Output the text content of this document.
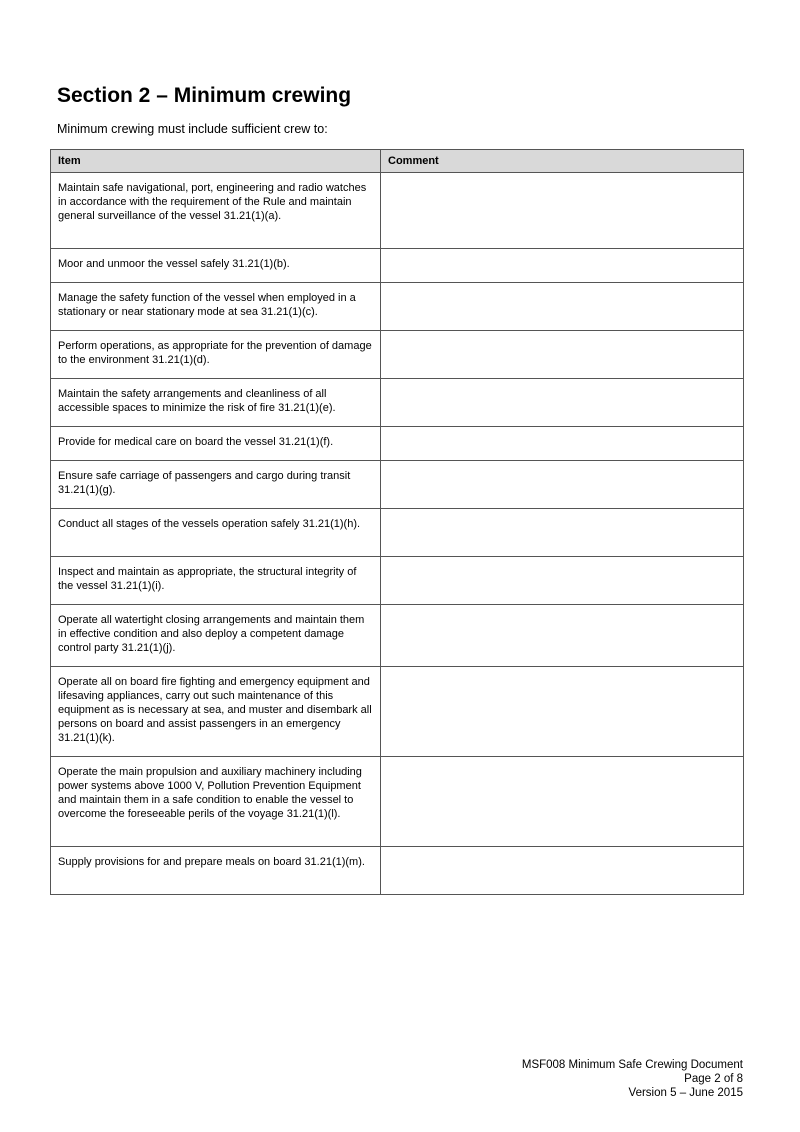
Section 2 – Minimum crewing

Minimum crewing must include sufficient crew to:

Item	Comment
Maintain safe navigational, port, engineering and radio watches in accordance with the requirement of the Rule and maintain general surveillance of the vessel 31.21(1)(a).	
Moor and unmoor the vessel safely 31.21(1)(b).	
Manage the safety function of the vessel when employed in a stationary or near stationary mode at sea 31.21(1)(c).	
Perform operations, as appropriate for the prevention of damage to the environment 31.21(1)(d).	
Maintain the safety arrangements and cleanliness of all accessible spaces to minimize the risk of fire 31.21(1)(e).	
Provide for medical care on board the vessel 31.21(1)(f).	
Ensure safe carriage of passengers and cargo during transit 31.21(1)(g).	
Conduct all stages of the vessels operation safely 31.21(1)(h).	
Inspect and maintain as appropriate, the structural integrity of the vessel 31.21(1)(i).	
Operate all watertight closing arrangements and maintain them in effective condition and also deploy a competent damage control party 31.21(1)(j).	
Operate all on board fire fighting and emergency equipment and lifesaving appliances, carry out such maintenance of this equipment as is necessary at sea, and muster and disembark all persons on board and assist passengers in an emergency 31.21(1)(k).	
Operate the main propulsion and auxiliary machinery including power systems above 1000 V, Pollution Prevention Equipment and maintain them in a safe condition to enable the vessel to overcome the foreseeable perils of the voyage 31.21(1)(l).	
Supply provisions for and prepare meals on board 31.21(1)(m).	
MSF008 Minimum Safe Crewing Document
Page 2 of 8
Version 5 – June 2015
